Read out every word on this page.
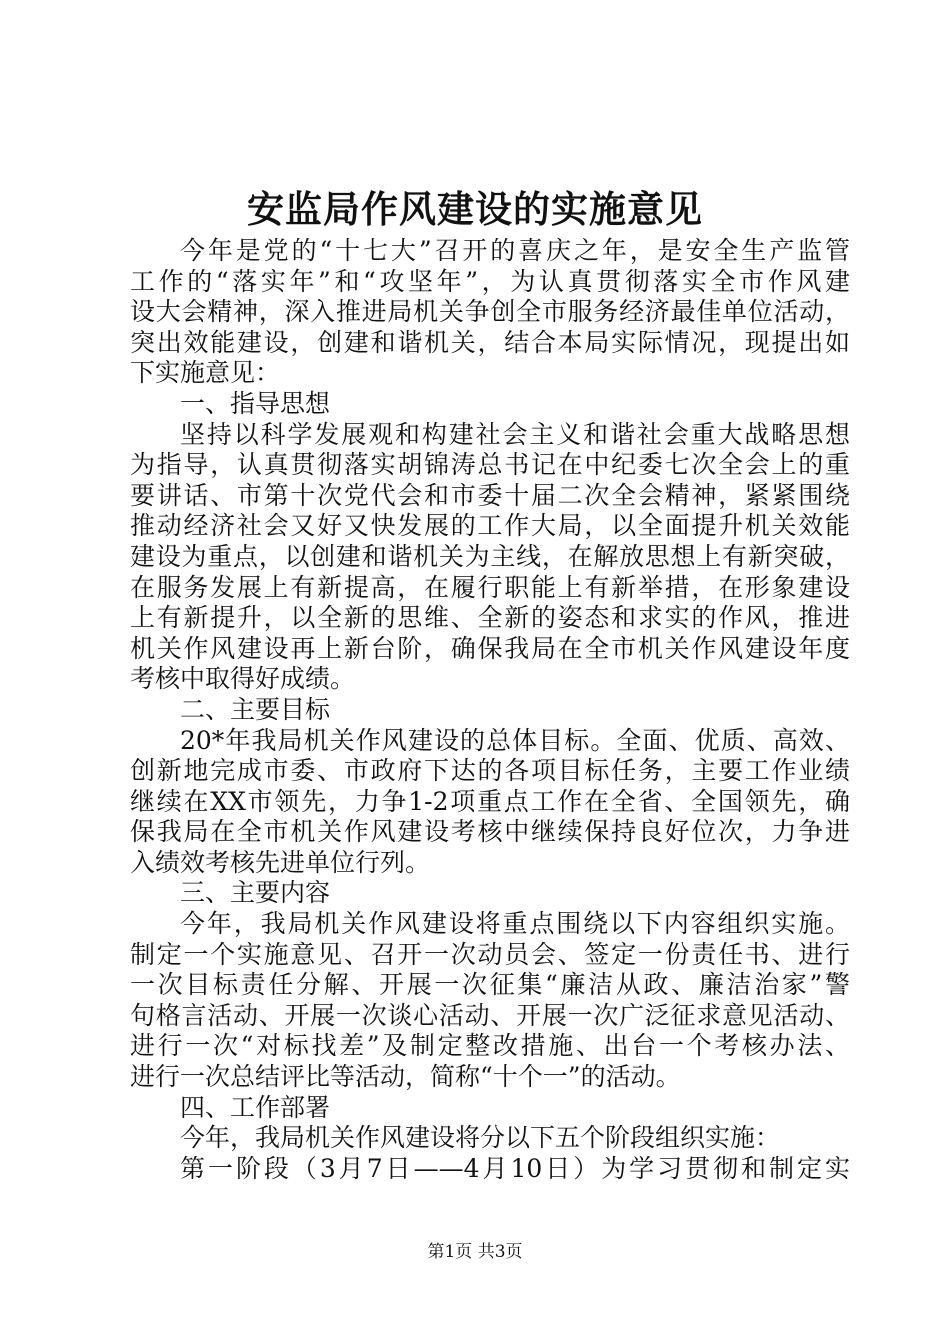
安监局作风建设的实施意见
今年是党的“十七大”召开的喜庆之年，是安全生产监管
工作的“落实年”和“攻坚年”，为认真贯彻落实全市作风建
设大会精神，深入推进局机关争创全市服务经济最佳单位活动，
突出效能建设，创建和谐机关，结合本局实际情况，现提出如
下实施意见：
一、指导思想
坚持以科学发展观和构建社会主义和谐社会重大战略思想
为指导，认真贯彻落实胡锦涛总书记在中纪委七次全会上的重
要讲话、市第十次党代会和市委十届二次全会精神，紧紧围绕
推动经济社会又好又快发展的工作大局，以全面提升机关效能
建设为重点，以创建和谐机关为主线，在解放思想上有新突破，
在服务发展上有新提高，在履行职能上有新举措，在形象建设
上有新提升，以全新的思维、全新的姿态和求实的作风，推进
机关作风建设再上新台阶，确保我局在全市机关作风建设年度
考核中取得好成绩。
二、主要目标
20*年我局机关作风建设的总体目标。全面、优质、高效、
创新地完成市委、市政府下达的各项目标任务，主要工作业绩
继续在XX市领先，力争1-2项重点工作在全省、全国领先，确
保我局在全市机关作风建设考核中继续保持良好位次，力争进
入绩效考核先进单位行列。
三、主要内容
今年，我局机关作风建设将重点围绕以下内容组织实施。
制定一个实施意见、召开一次动员会、签定一份责任书、进行
一次目标责任分解、开展一次征集“廉洁从政、廉洁治家”警
句格言活动、开展一次谈心活动、开展一次广泛征求意见活动、
进行一次“对标找差”及制定整改措施、出台一个考核办法、
进行一次总结评比等活动，简称“十个一”的活动。
四、工作部署
今年，我局机关作风建设将分以下五个阶段组织实施：
第一阶段（3月7日——4月10日）为学习贯彻和制定实
第1页 共3页
